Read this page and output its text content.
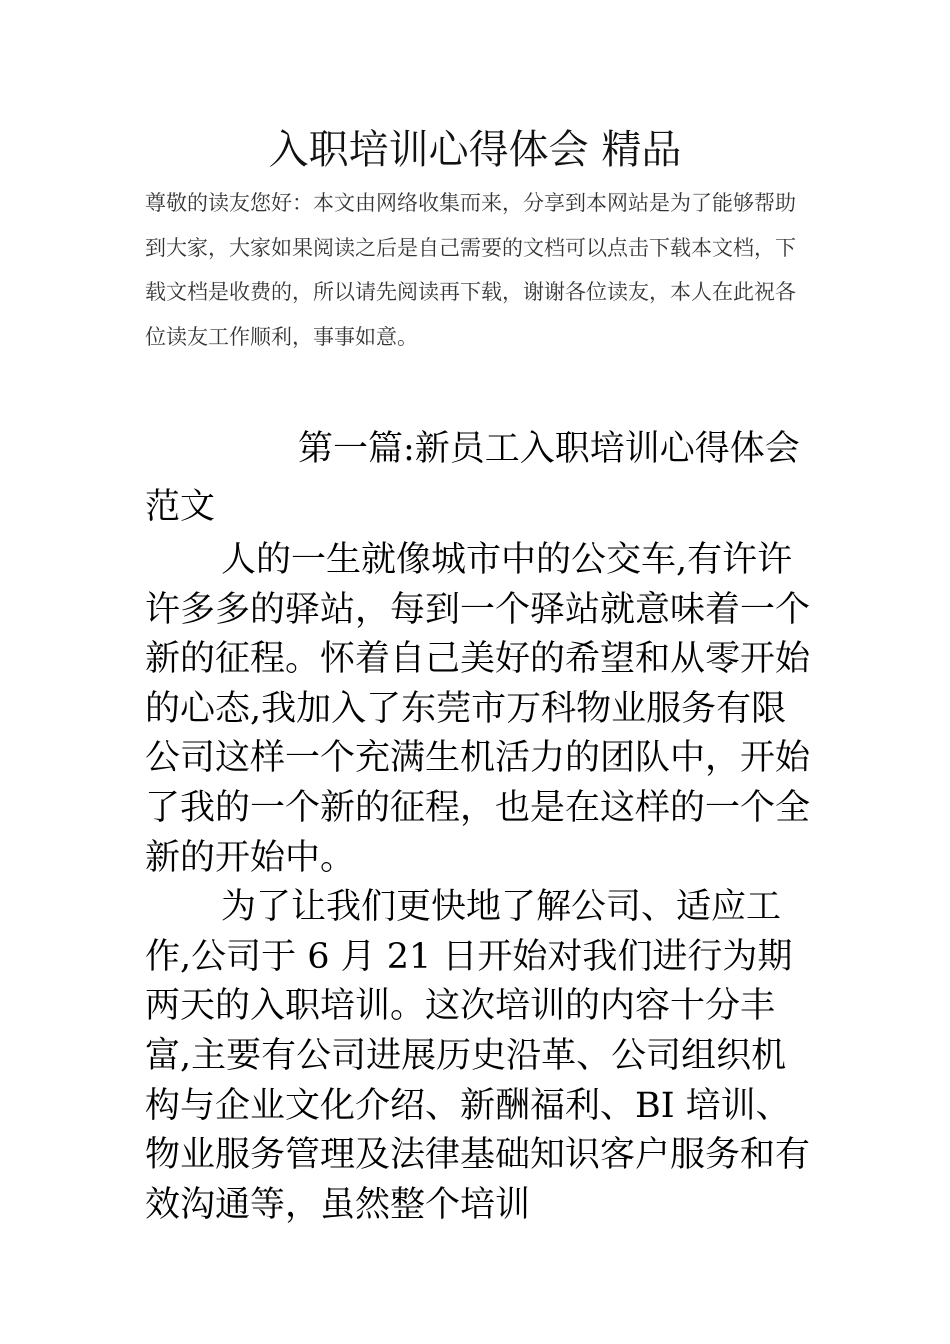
入职培训心得体会 精品

尊敬的读友您好：本文由网络收集而来，分享到本网站是为了能够帮助到大家，大家如果阅读之后是自己需要的文档可以点击下载本文档，下载文档是收费的，所以请先阅读再下载，谢谢各位读友，本人在此祝各位读友工作顺利，事事如意。

第一篇:新员工入职培训心得体会范文

人的一生就像城市中的公交车,有许许许多多的驿站，每到一个驿站就意味着一个新的征程。怀着自己美好的希望和从零开始的心态,我加入了东莞市万科物业服务有限公司这样一个充满生机活力的团队中，开始了我的一个新的征程，也是在这样的一个全新的开始中。

为了让我们更快地了解公司、适应工作,公司于 6 月 21 日开始对我们进行为期两天的入职培训。这次培训的内容十分丰富,主要有公司进展历史沿革、公司组织机构与企业文化介绍、新酬福利、BI 培训、物业服务管理及法律基础知识客户服务和有效沟通等，虽然整个培训
